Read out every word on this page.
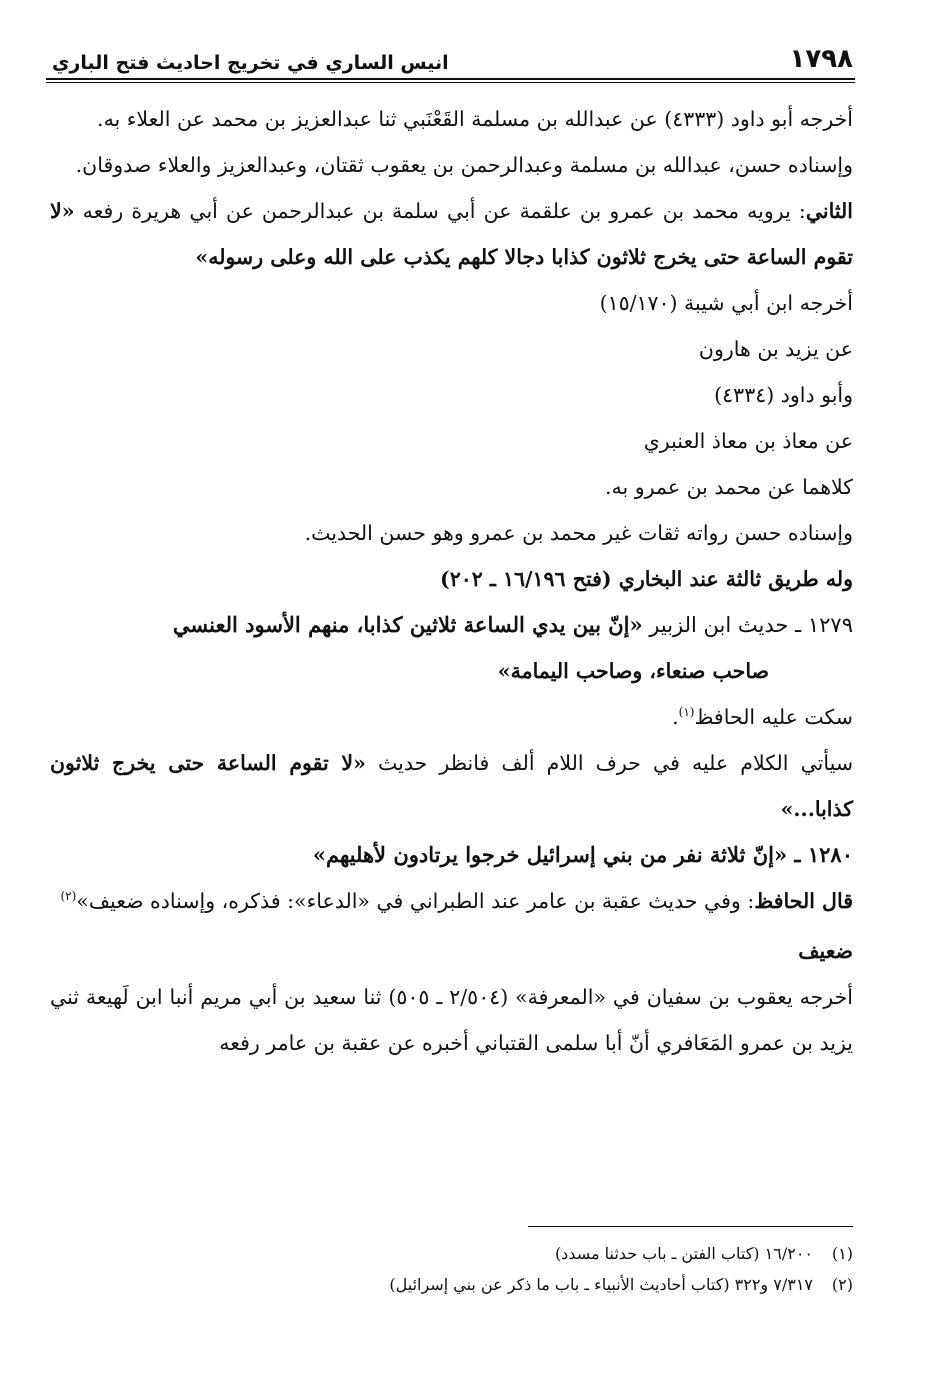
١٧٩٨
انيس الساري في تخريج احاديث فتح الباري

أخرجه أبو داود (٤٣٣٣) عن عبدالله بن مسلمة القَعْنَبي ثنا عبدالعزيز بن محمد عن العلاء به.

وإسناده حسن، عبدالله بن مسلمة وعبدالرحمن بن يعقوب ثقتان، وعبدالعزيز والعلاء صدوقان.

الثاني: يرويه محمد بن عمرو بن علقمة عن أبي سلمة بن عبدالرحمن عن أبي هريرة رفعه «لا تقوم الساعة حتى يخرج ثلاثون كذابا دجالا كلهم يكذب على الله وعلى رسوله»

أخرجه ابن أبي شيبة (١٥/١٧٠)

عن يزيد بن هارون

وأبو داود (٤٣٣٤)

عن معاذ بن معاذ العنبري

كلاهما عن محمد بن عمرو به.

وإسناده حسن رواته ثقات غير محمد بن عمرو وهو حسن الحديث.

وله طريق ثالثة عند البخاري (فتح ١٦/١٩٦ ـ ٢٠٢)

١٢٧٩ ـ حديث ابن الزبير «إنّ بين يدي الساعة ثلاثين كذابا، منهم الأسود العنسي

صاحب صنعاء، وصاحب اليمامة»

سكت عليه الحافظ$^{(١)}$.

سيأتي الكلام عليه في حرف اللام ألف فانظر حديث «لا تقوم الساعة حتى يخرج ثلاثون كذابا...»

١٢٨٠ ـ «إنّ ثلاثة نفر من بني إسرائيل خرجوا يرتادون لأهليهم»

قال الحافظ: وفي حديث عقبة بن عامر عند الطبراني في «الدعاء»: فذكره، وإسناده ضعيف»$^{(٢)}$

ضعيف

أخرجه يعقوب بن سفيان في «المعرفة» (٢/٥٠٤ ـ ٥٠٥) ثنا سعيد بن أبي مريم أنبا ابن لَهيعة ثني يزيد بن عمرو المَعَافري أنّ أبا سلمى القتباني أخبره عن عقبة بن عامر رفعه

(١)١٦/٢٠٠ (كتاب الفتن ـ باب حدثنا مسدد)

(٢)٧/٣١٧ و٣٢٢ (كتاب أحاديث الأنبياء ـ باب ما ذكر عن بني إسرائيل)
